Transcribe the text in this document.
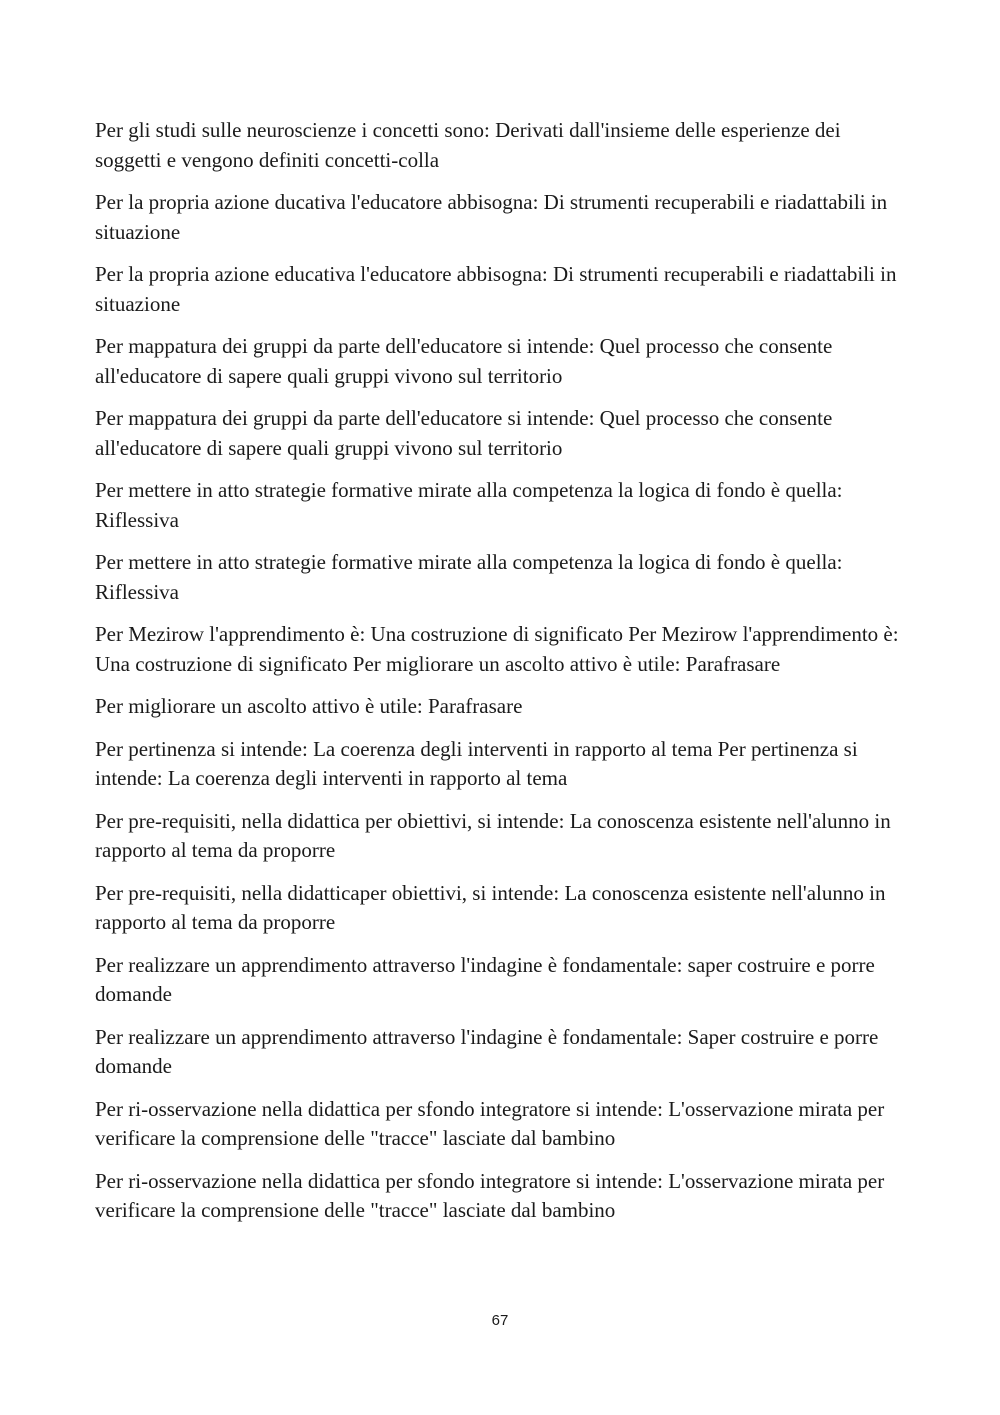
Per gli studi sulle neuroscienze i concetti sono: Derivati dall'insieme delle esperienze dei soggetti e vengono definiti concetti-colla

Per la propria azione ducativa l'educatore abbisogna: Di strumenti recuperabili e riadattabili in situazione

Per la propria azione educativa l'educatore abbisogna: Di strumenti recuperabili e riadattabili in situazione

Per mappatura dei gruppi da parte dell'educatore si intende: Quel processo che consente all'educatore di sapere quali gruppi vivono sul territorio

Per mappatura dei gruppi da parte dell'educatore si intende: Quel processo che consente all'educatore di sapere quali gruppi vivono sul territorio

Per mettere in atto strategie formative mirate alla competenza la logica di fondo è quella: Riflessiva

Per mettere in atto strategie formative mirate alla competenza la logica di fondo è quella: Riflessiva

Per Mezirow l'apprendimento è: Una costruzione di significato Per Mezirow l'apprendimento è: Una costruzione di significato Per migliorare un ascolto attivo è utile: Parafrasare

Per migliorare un ascolto attivo è utile: Parafrasare

Per pertinenza si intende: La coerenza degli interventi in rapporto al tema Per pertinenza si intende: La coerenza degli interventi in rapporto al tema

Per pre-requisiti, nella didattica per obiettivi, si intende: La conoscenza esistente nell'alunno in rapporto al tema da proporre

Per pre-requisiti, nella didatticaper obiettivi, si intende: La conoscenza esistente nell'alunno in rapporto al tema da proporre

Per realizzare un apprendimento attraverso l'indagine è fondamentale: saper costruire e porre domande

Per realizzare un apprendimento attraverso l'indagine è fondamentale: Saper costruire e porre domande

Per ri-osservazione nella didattica per sfondo integratore si intende: L'osservazione mirata per verificare la comprensione delle "tracce" lasciate dal bambino

Per ri-osservazione nella didattica per sfondo integratore si intende: L'osservazione mirata per verificare la comprensione delle "tracce" lasciate dal bambino

67
